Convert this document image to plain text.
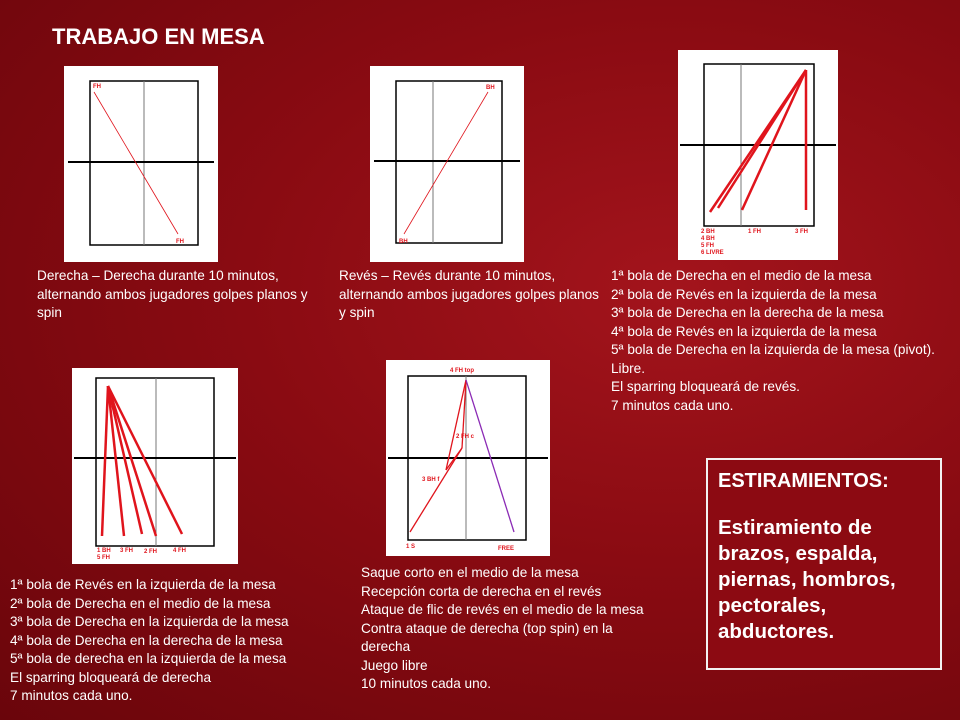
TRABAJO EN MESA
FH
FH
BH
BH
2 BH
4 BH
5 FH
6 LIVRE
1 FH	3 FH
1 BH
5 FH
3 FH 2 FH	4 FH
4 FH top
2 FH c
3 BH f
1 S	FREE
Derecha – Derecha durante 10 minutos, alternando ambos jugadores golpes planos y spin
Revés – Revés durante 10 minutos, alternando ambos jugadores golpes planos y spin
1ª bola de Derecha en el medio de la mesa
2ª bola de Revés en la izquierda de la mesa
3ª bola de Derecha en la derecha de la mesa
4ª bola de Revés en la izquierda de la mesa
5ª bola de Derecha en la izquierda de la mesa (pivot).
Libre.
El sparring bloqueará de revés.
7 minutos cada uno.
1ª bola de Revés en la izquierda de la mesa
2ª bola de Derecha en el medio de la mesa
3ª bola de Derecha en la izquierda de la mesa
4ª bola de Derecha en la derecha de la mesa
5ª bola de derecha en la izquierda de la mesa
El sparring bloqueará de derecha
7 minutos cada uno.
Saque corto en el medio de la mesa
Recepción corta de derecha en el revés
Ataque de flic de revés en el medio de la mesa
Contra ataque de derecha (top spin) en la derecha
Juego libre
10 minutos cada uno.
ESTIRAMIENTOS:
Estiramiento de brazos, espalda, piernas, hombros, pectorales, abductores.
